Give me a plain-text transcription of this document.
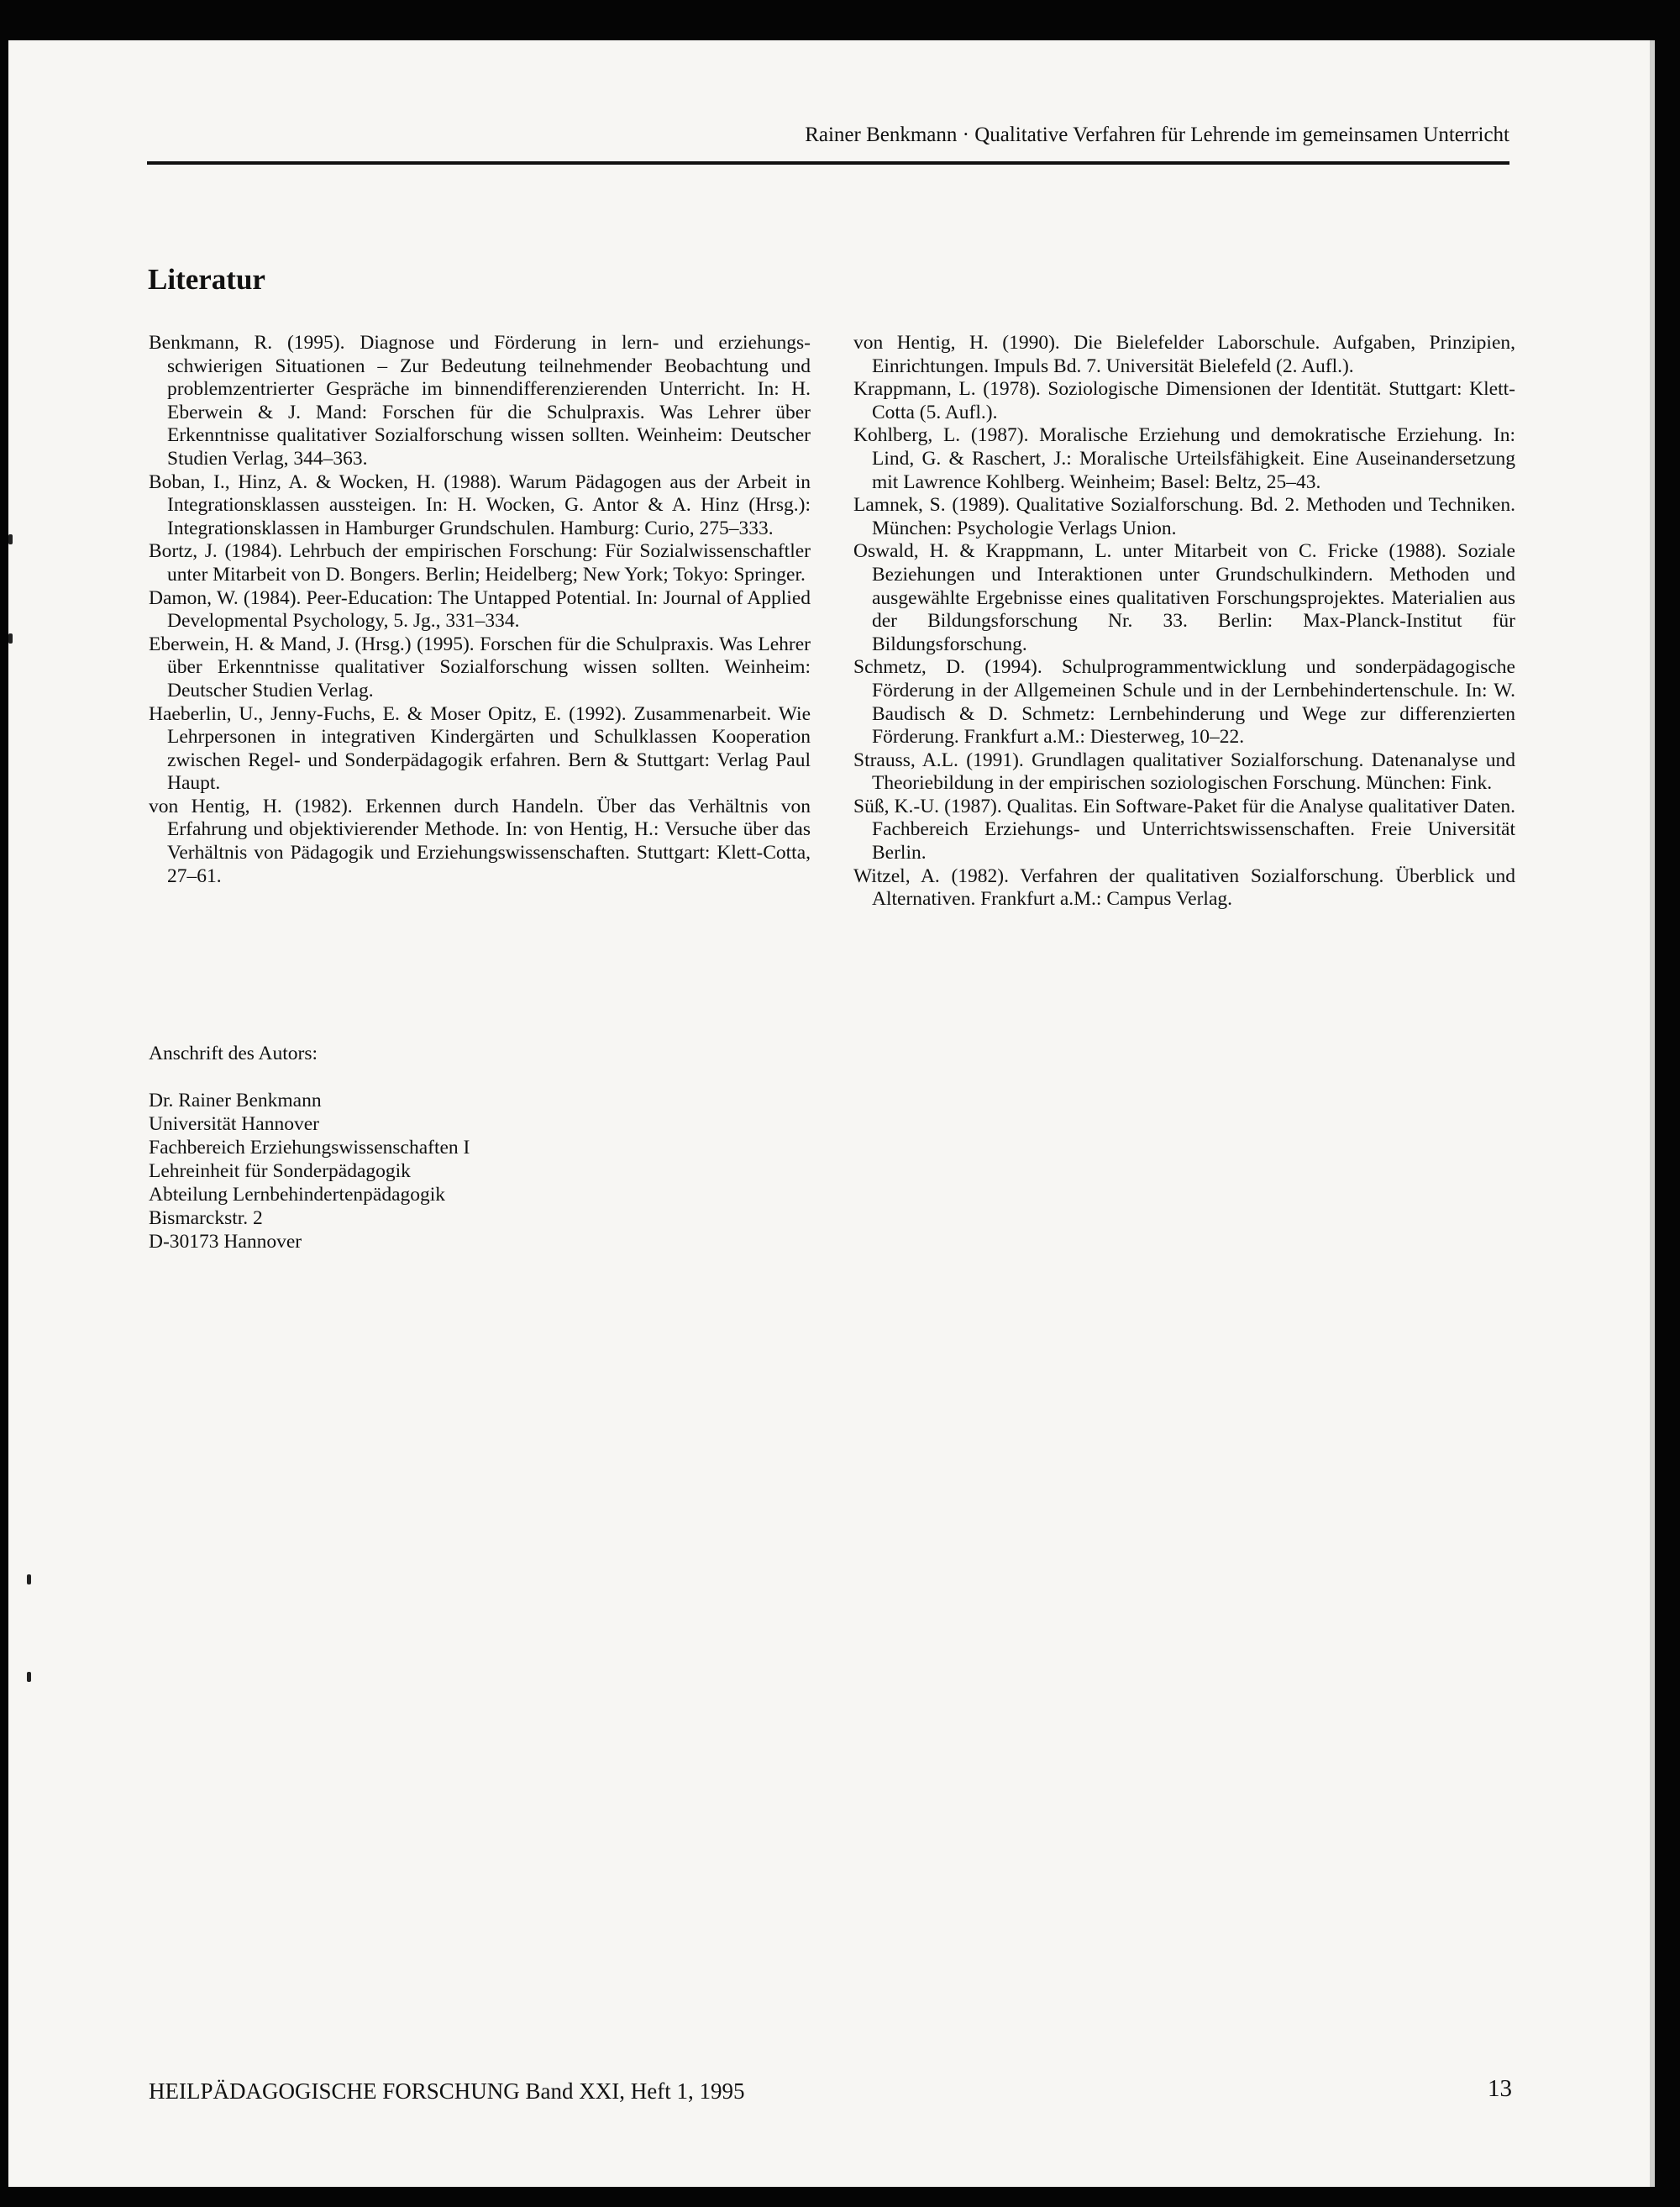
Rainer Benkmann · Qualitative Verfahren für Lehrende im gemeinsamen Unterricht
Literatur

Benkmann, R. (1995). Diagnose und Förderung in lern- und erziehungs-schwierigen Situationen – Zur Bedeutung teilnehmender Beobachtung und problemzentrierter Gespräche im binnendifferenzierenden Unterricht. In: H. Eberwein & J. Mand: Forschen für die Schulpraxis. Was Lehrer über Erkenntnisse qualitativer Sozialforschung wissen sollten. Weinheim: Deutscher Studien Verlag, 344–363.

Boban, I., Hinz, A. & Wocken, H. (1988). Warum Pädagogen aus der Arbeit in Integrationsklassen aussteigen. In: H. Wocken, G. Antor & A. Hinz (Hrsg.): Integrationsklassen in Hamburger Grundschulen. Hamburg: Curio, 275–333.

Bortz, J. (1984). Lehrbuch der empirischen Forschung: Für Sozialwissenschaftler unter Mitarbeit von D. Bongers. Berlin; Heidelberg; New York; Tokyo: Springer.

Damon, W. (1984). Peer-Education: The Untapped Potential. In: Journal of Applied Developmental Psychology, 5. Jg., 331–334.

Eberwein, H. & Mand, J. (Hrsg.) (1995). Forschen für die Schulpraxis. Was Lehrer über Erkenntnisse qualitativer Sozialforschung wissen sollten. Weinheim: Deutscher Studien Verlag.

Haeberlin, U., Jenny-Fuchs, E. & Moser Opitz, E. (1992). Zusammenarbeit. Wie Lehrpersonen in integrativen Kindergärten und Schulklassen Kooperation zwischen Regel- und Sonderpädagogik erfahren. Bern & Stuttgart: Verlag Paul Haupt.

von Hentig, H. (1982). Erkennen durch Handeln. Über das Verhältnis von Erfahrung und objektivierender Methode. In: von Hentig, H.: Versuche über das Verhältnis von Pädagogik und Erziehungswissenschaften. Stuttgart: Klett-Cotta, 27–61.

von Hentig, H. (1990). Die Bielefelder Laborschule. Aufgaben, Prinzipien, Einrichtungen. Impuls Bd. 7. Universität Bielefeld (2. Aufl.).

Krappmann, L. (1978). Soziologische Dimensionen der Identität. Stuttgart: Klett-Cotta (5. Aufl.).

Kohlberg, L. (1987). Moralische Erziehung und demokratische Erziehung. In: Lind, G. & Raschert, J.: Moralische Urteilsfähigkeit. Eine Auseinandersetzung mit Lawrence Kohlberg. Weinheim; Basel: Beltz, 25–43.

Lamnek, S. (1989). Qualitative Sozialforschung. Bd. 2. Methoden und Techniken. München: Psychologie Verlags Union.

Oswald, H. & Krappmann, L. unter Mitarbeit von C. Fricke (1988). Soziale Beziehungen und Interaktionen unter Grundschulkindern. Methoden und ausgewählte Ergebnisse eines qualitativen Forschungsprojektes. Materialien aus der Bildungsforschung Nr. 33. Berlin: Max-Planck-Institut für Bildungsforschung.

Schmetz, D. (1994). Schulprogrammentwicklung und sonderpädagogische Förderung in der Allgemeinen Schule und in der Lernbehindertenschule. In: W. Baudisch & D. Schmetz: Lernbehinderung und Wege zur differenzierten Förderung. Frankfurt a.M.: Diesterweg, 10–22.

Strauss, A.L. (1991). Grundlagen qualitativer Sozialforschung. Datenanalyse und Theoriebildung in der empirischen soziologischen Forschung. München: Fink.

Süß, K.-U. (1987). Qualitas. Ein Software-Paket für die Analyse qualitativer Daten. Fachbereich Erziehungs- und Unterrichtswissenschaften. Freie Universität Berlin.

Witzel, A. (1982). Verfahren der qualitativen Sozialforschung. Überblick und Alternativen. Frankfurt a.M.: Campus Verlag.

Anschrift des Autors:

Dr. Rainer Benkmann
Universität Hannover
Fachbereich Erziehungswissenschaften I
Lehreinheit für Sonderpädagogik
Abteilung Lernbehindertenpädagogik
Bismarckstr. 2
D-30173 Hannover
HEILPÄDAGOGISCHE FORSCHUNG Band XXI, Heft 1, 1995	13
